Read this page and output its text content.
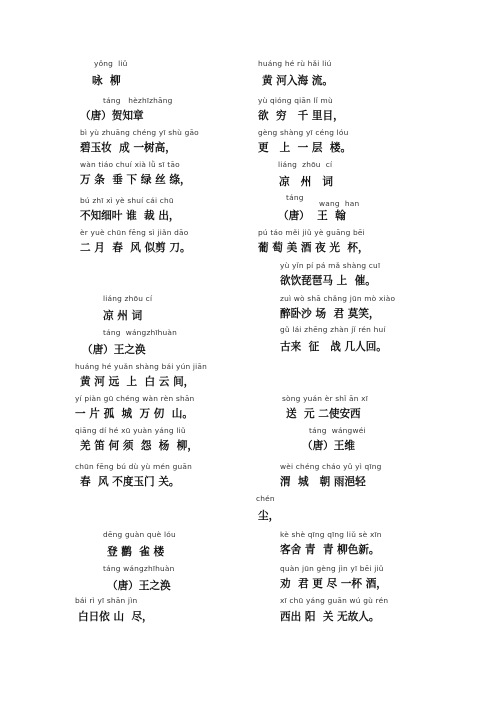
yǒng  liǔ
咏  柳
táng   hèzhīzhāng
（唐）贺知章
bì yù zhuāng chéng yī shù gāo
碧玉妆  成 一树高，
wàn tiáo chuí xià lǜ sī tāo
万 条  垂 下 绿 丝 绦，
bú zhī xì yè shuí cái chū
不知细叶 谁  裁 出，
èr yuè chūn fēng sì jiǎn dāo
二 月  春  风 似剪 刀。
liáng zhōu cí
凉 州 词
táng  wángzhīhuàn
（唐）王之涣
huáng hé yuǎn shàng bái yún jiān
黄 河 远  上  白 云 间，
yí piàn gū chéng wàn rèn shān
一 片 孤  城  万 仞  山。
qiāng dí hé xū yuàn yáng liǔ
羌 笛 何 须  怨  杨  柳，
chūn fēng bú dù yù mén guān
春  风 不度玉门 关。
dēng guàn què lóu
登 鹳  雀 楼
táng wángzhīhuàn
（唐）王之涣
bái rì yī shān jìn
白日依 山  尽，
huáng hé rù hǎi liú
黄 河入海 流。
yù qióng qiān lǐ mù
欲  穷   千 里目，
gèng shàng yī céng lóu
更   上  一 层  楼。
liáng  zhōu  cí
凉   州   词
táng
wang  han
（唐）  王  翰
pú táo měi jiǔ yè guāng bēi
葡 萄 美 酒 夜 光  杯，
yù yǐn pí pá mǎ shàng cuī
欲饮琵琶马 上  催。
zuì wò shā chǎng jūn mò xiào
醉卧沙 场  君 莫笑，
gǔ lái zhēng zhàn jǐ rén huí
古来  征   战 几人回。
sòng yuán èr shǐ ān xī
送  元 二使安西
táng  wángwéi
（唐）王维
wèi chéng cháo yǔ yì qīng
渭  城   朝 雨浥轻
chén
尘，
kè shè qīng qīng liǔ sè xīn
客舍 青  青 柳色新。
quàn jūn gèng jìn yī bēi jiǔ
劝  君 更 尽 一杯 酒，
xī chū yáng guān wú gù rén
西出 阳  关 无故人。
